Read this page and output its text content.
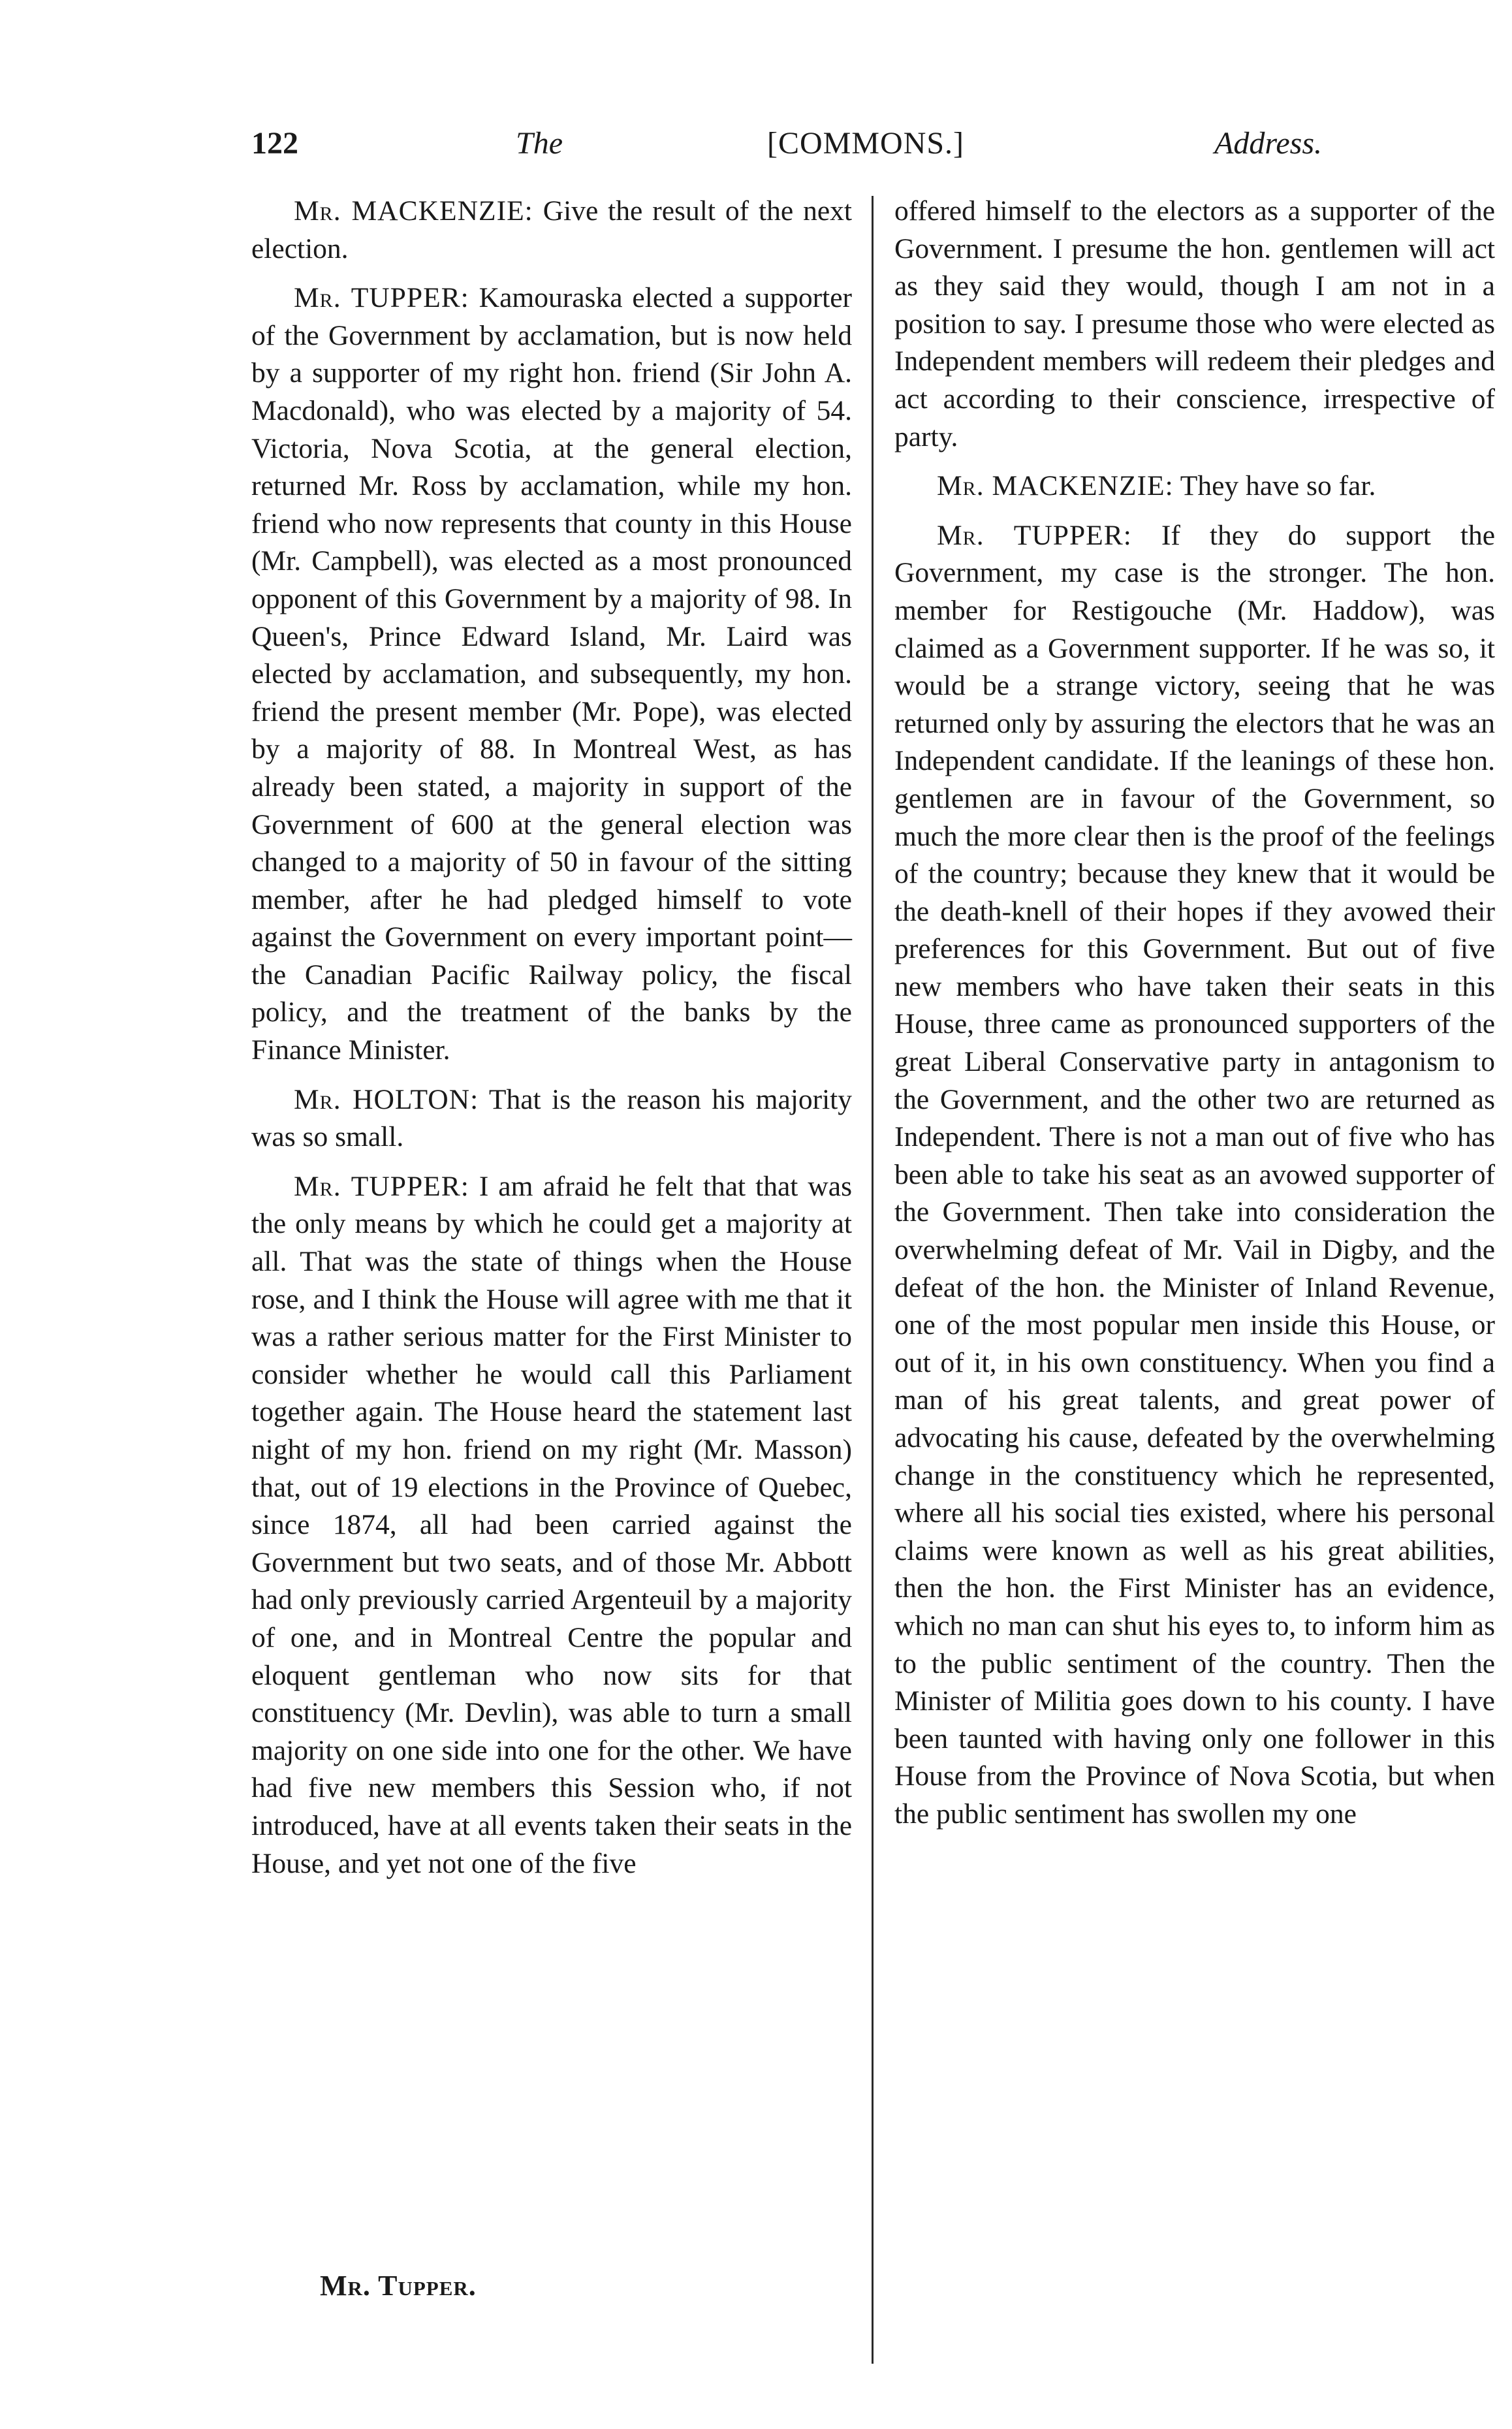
122	The	[COMMONS.]	Address.

Mr. MACKENZIE: Give the result of the next election.

Mr. TUPPER: Kamouraska elected a supporter of the Government by acclamation, but is now held by a supporter of my right hon. friend (Sir John A. Macdonald), who was elected by a majority of 54. Victoria, Nova Scotia, at the general election, returned Mr. Ross by acclamation, while my hon. friend who now represents that county in this House (Mr. Campbell), was elected as a most pronounced opponent of this Government by a majority of 98. In Queen's, Prince Edward Island, Mr. Laird was elected by acclamation, and subsequently, my hon. friend the present member (Mr. Pope), was elected by a majority of 88. In Montreal West, as has already been stated, a majority in support of the Government of 600 at the general election was changed to a majority of 50 in favour of the sitting member, after he had pledged himself to vote against the Government on every important point—the Canadian Pacific Railway policy, the fiscal policy, and the treatment of the banks by the Finance Minister.

Mr. HOLTON: That is the reason his majority was so small.

Mr. TUPPER: I am afraid he felt that that was the only means by which he could get a majority at all. That was the state of things when the House rose, and I think the House will agree with me that it was a rather serious matter for the First Minister to consider whether he would call this Parliament together again. The House heard the statement last night of my hon. friend on my right (Mr. Masson) that, out of 19 elections in the Province of Quebec, since 1874, all had been carried against the Government but two seats, and of those Mr. Abbott had only previously carried Argenteuil by a majority of one, and in Montreal Centre the popular and eloquent gentleman who now sits for that constituency (Mr. Devlin), was able to turn a small majority on one side into one for the other. We have had five new members this Session who, if not introduced, have at all events taken their seats in the House, and yet not one of the five

offered himself to the electors as a supporter of the Government. I presume the hon. gentlemen will act as they said they would, though I am not in a position to say. I presume those who were elected as Independent members will redeem their pledges and act according to their conscience, irrespective of party.

Mr. MACKENZIE: They have so far.

Mr. TUPPER: If they do support the Government, my case is the stronger. The hon. member for Restigouche (Mr. Haddow), was claimed as a Government supporter. If he was so, it would be a strange victory, seeing that he was returned only by assuring the electors that he was an Independent candidate. If the leanings of these hon. gentlemen are in favour of the Government, so much the more clear then is the proof of the feelings of the country; because they knew that it would be the death-knell of their hopes if they avowed their preferences for this Government. But out of five new members who have taken their seats in this House, three came as pronounced supporters of the great Liberal Conservative party in antagonism to the Government, and the other two are returned as Independent. There is not a man out of five who has been able to take his seat as an avowed supporter of the Government. Then take into consideration the overwhelming defeat of Mr. Vail in Digby, and the defeat of the hon. the Minister of Inland Revenue, one of the most popular men inside this House, or out of it, in his own constituency. When you find a man of his great talents, and great power of advocating his cause, defeated by the overwhelming change in the constituency which he represented, where all his social ties existed, where his personal claims were known as well as his great abilities, then the hon. the First Minister has an evidence, which no man can shut his eyes to, to inform him as to the public sentiment of the country. Then the Minister of Militia goes down to his county. I have been taunted with having only one follower in this House from the Province of Nova Scotia, but when the public sentiment has swollen my one

Mr. Tupper.
